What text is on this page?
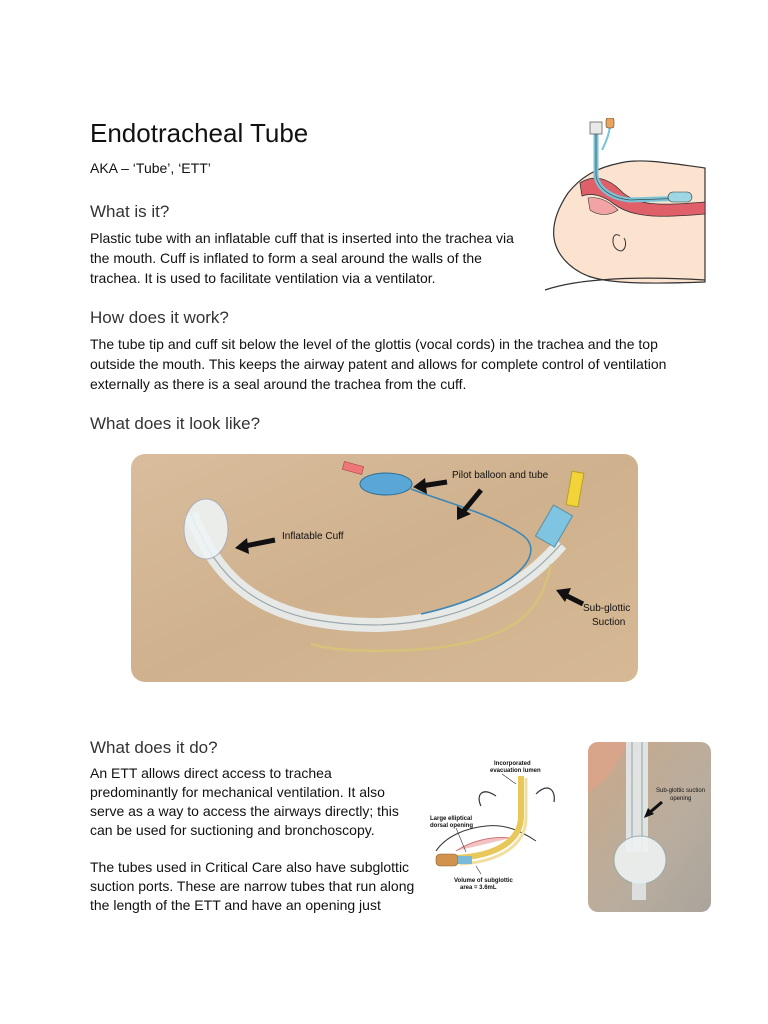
Endotracheal Tube
AKA – ‘Tube’, ‘ETT’
What is it?

Plastic tube with an inflatable cuff that is inserted into the trachea via

the mouth. Cuff is inflated to form a seal around the walls of the

trachea. It is used to facilitate ventilation via a ventilator.

How does it work?

The tube tip and cuff sit below the level of the glottis (vocal cords) in the trachea and the top

outside the mouth. This keeps the airway patent and allows for complete control of ventilation

externally as there is a seal around the trachea from the cuff.

What does it look like?
Pilot balloon and tube
Inflatable Cuff
Sub-glottic
Suction
What does it do?

An ETT allows direct access to trachea

predominantly for mechanical ventilation. It also

serve as a way to access the airways directly; this

can be used for suctioning and bronchoscopy.

The tubes used in Critical Care also have subglottic

suction ports. These are narrow tubes that run along

the length of the ETT and have an opening just

Incorporated
evacuation lumen
Large elliptical
dorsal opening
Volume of subglottic
area = 3.6mL
Sub-glottic suction
opening
